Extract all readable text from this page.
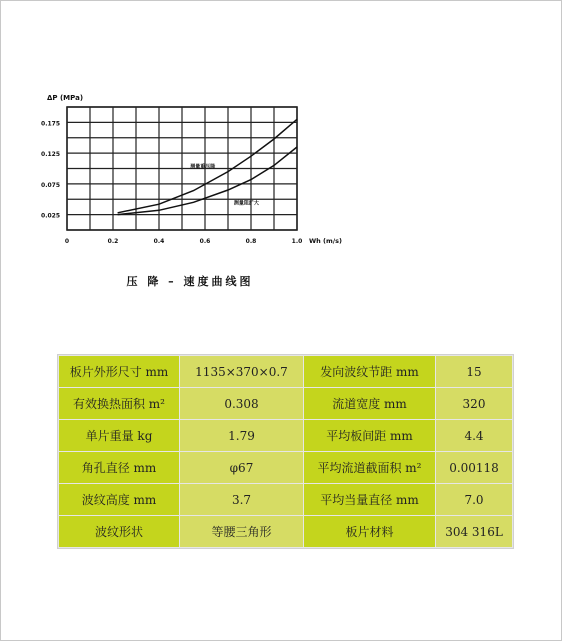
0.025
0.075
0.125
0.175
0	0.2	0.4	0.6	0.8	1.0
ΔP (MPa)
Wh (m/s)
测量重压降
测量阻扩大
压 降 – 速度曲线图
板片外形尺寸 mm	1135×370×0.7	发向波纹节距 mm	15
有效换热面积 m²	0.308	流道宽度 mm	320
单片重量 kg	1.79	平均板间距 mm	4.4
角孔直径 mm	φ67	平均流道截面积 m²	0.00118
波纹高度 mm	3.7	平均当量直径 mm	7.0
波纹形状	等腰三角形	板片材料	304 316L
